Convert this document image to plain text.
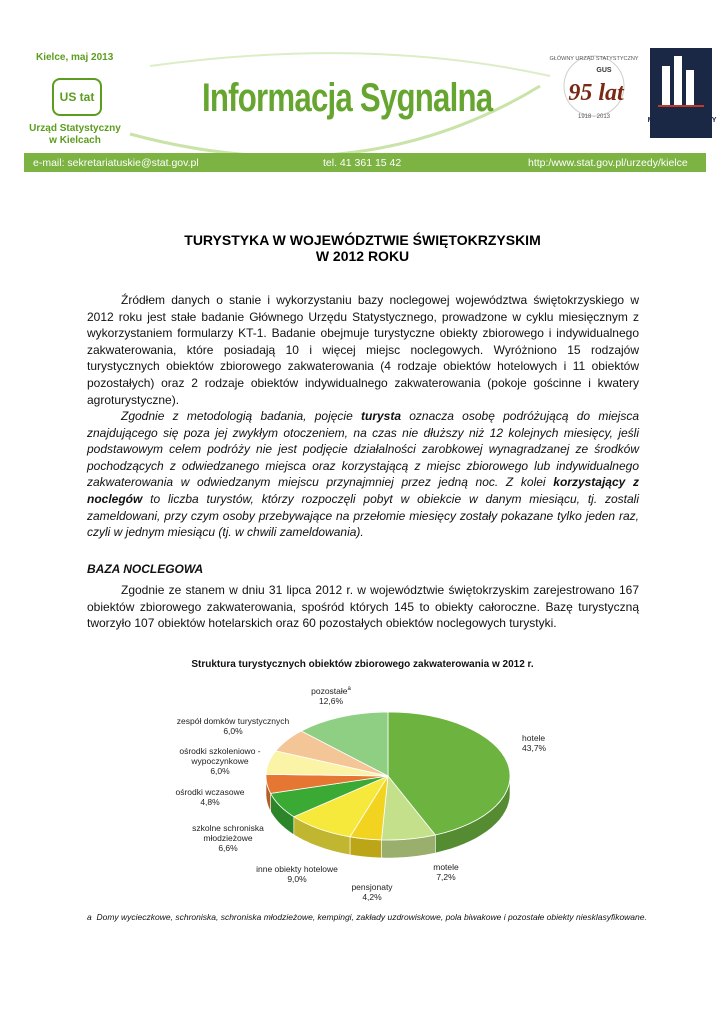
Kielce, maj 2013
US tat
Urząd Statystyczny
w Kielcach
Informacja Sygnalna
GŁÓWNY URZĄD STATYSTYCZNY
1918 · 2013
GUS
95 lat
MIĘDZYNARODOWY
ROK STATYSTYKI
e-mail: sekretariatuskie@stat.gov.pl	tel. 41 361 15 42	http:/www.stat.gov.pl/urzedy/kielce
TURYSTYKA W WOJEWÓDZTWIE ŚWIĘTOKRZYSKIM
W 2012 ROKU

Źródłem danych o stanie i wykorzystaniu bazy noclegowej województwa świętokrzyskiego w 2012 roku jest stałe badanie Głównego Urzędu Statystycznego, prowadzone w cyklu miesięcznym z wykorzystaniem formularzy KT-1. Badanie obejmuje turystyczne obiekty zbiorowego i indywidualnego zakwaterowania, które posiadają 10 i więcej miejsc noclegowych. Wyróżniono 15 rodzajów turystycznych obiektów zbiorowego zakwaterowania (4 rodzaje obiektów hotelowych i 11 obiektów pozostałych) oraz 2 rodzaje obiektów indywidualnego zakwaterowania (pokoje gościnne i kwatery agroturystyczne).

Zgodnie z metodologią badania, pojęcie turysta oznacza osobę podróżującą do miejsca znajdującego się poza jej zwykłym otoczeniem, na czas nie dłuższy niż 12 kolejnych miesięcy, jeśli podstawowym celem podróży nie jest podjęcie działalności zarobkowej wynagradzanej ze środków pochodzących z odwiedzanego miejsca oraz korzystającą z miejsc zbiorowego lub indywidualnego zakwaterowania w odwiedzanym miejscu przynajmniej przez jedną noc. Z kolei korzystający z noclegów to liczba turystów, którzy rozpoczęli pobyt w obiekcie w danym miesiącu, tj. zostali zameldowani, przy czym osoby przebywające na przełomie miesięcy zostały pokazane tylko jeden raz, czyli w jednym miesiącu (tj. w chwili zameldowania).

BAZA NOCLEGOWA

Zgodnie ze stanem w dniu 31 lipca 2012 r. w województwie świętokrzyskim zarejestrowano 167 obiektów zbiorowego zakwaterowania, spośród których 145 to obiekty całoroczne. Bazę turystyczną tworzyło 107 obiektów hotelarskich oraz 60 pozostałych obiektów noclegowych turystyki.

Struktura turystycznych obiektów zbiorowego zakwaterowania w 2012 r.
pozostałe$^a$
12,6%
zespół domków turystycznych
6,0%
ośrodki szkoleniowo - wypoczynkowe
6,0%
ośrodki wczasowe
4,8%
szkolne schroniska młodzieżowe
6,6%
inne obiekty hotelowe
9,0%
pensjonaty
4,2%
motele
7,2%
hotele
43,7%
a Domy wycieczkowe, schroniska, schroniska młodzieżowe, kempingi, zakłady uzdrowiskowe, pola biwakowe i pozostałe obiekty niesklasyfikowane.
